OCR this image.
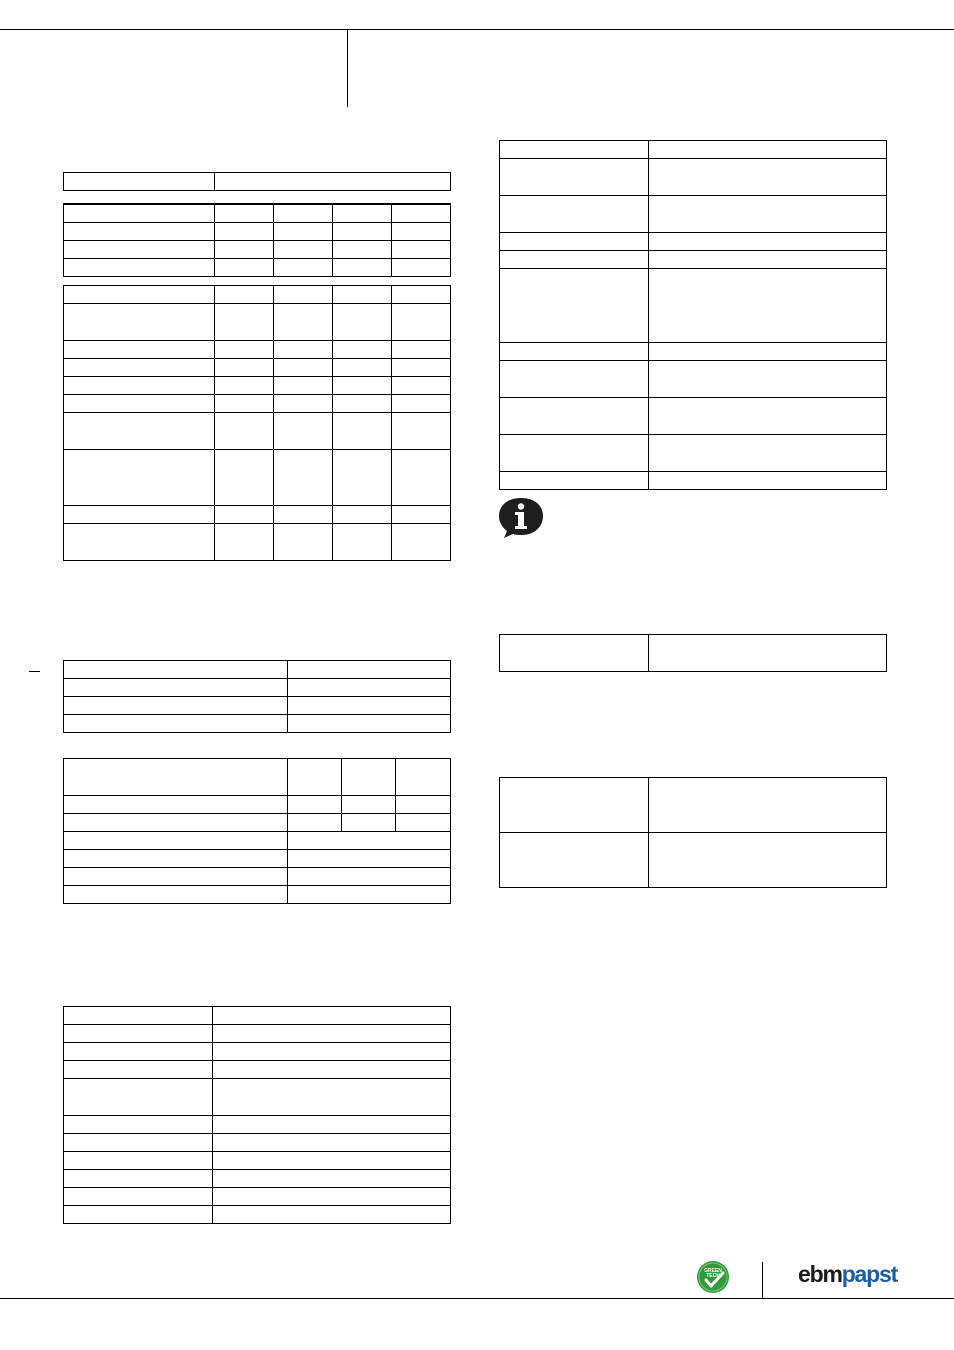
GREEN
TECH	ebmpapst
